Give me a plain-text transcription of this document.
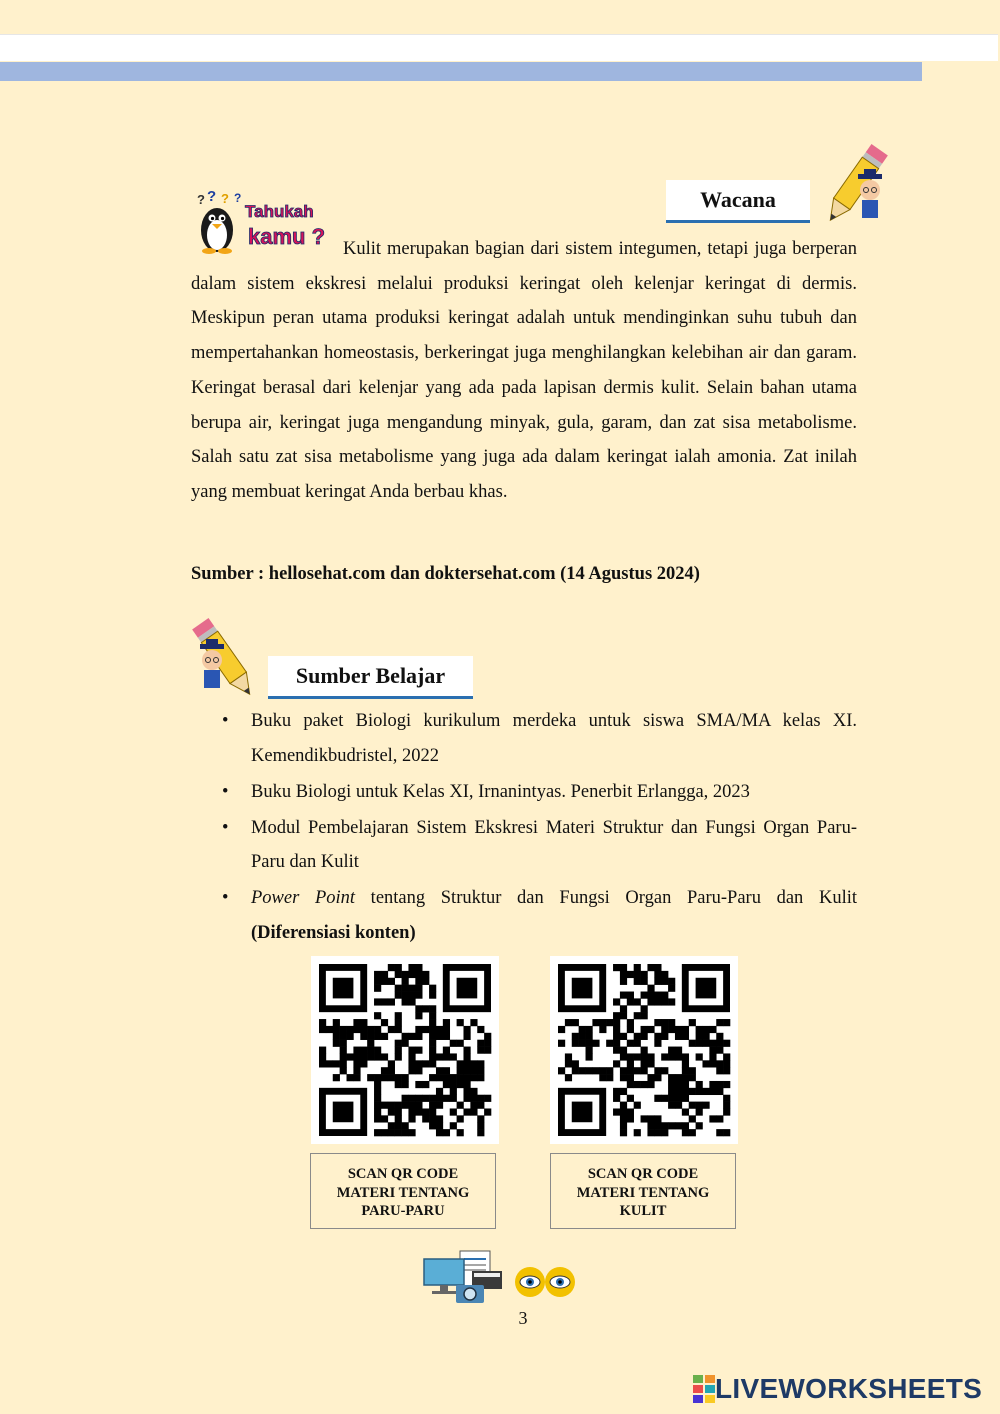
? ? ? ?
Tahukah
kamu ?
Wacana

Kulit merupakan bagian dari sistem integumen, tetapi juga berperan dalam sistem ekskresi melalui produksi keringat oleh kelenjar keringat di dermis. Meskipun peran utama produksi keringat adalah untuk mendinginkan suhu tubuh dan mempertahankan homeostasis, berkeringat juga menghilangkan kelebihan air dan garam. Keringat berasal dari kelenjar yang ada pada lapisan dermis kulit. Selain bahan utama berupa air, keringat juga mengandung minyak, gula, garam, dan zat sisa metabolisme. Salah satu zat sisa metabolisme yang juga ada dalam keringat ialah amonia. Zat inilah yang membuat keringat Anda berbau khas.

Sumber : hellosehat.com dan doktersehat.com (14 Agustus 2024)

Sumber Belajar
• Buku paket Biologi kurikulum merdeka untuk siswa SMA/MA kelas XI. Kemendikbudristel, 2022
• Buku Biologi untuk Kelas XI, Irnanintyas. Penerbit Erlangga, 2023
• Modul Pembelajaran Sistem Ekskresi Materi Struktur dan Fungsi Organ Paru-Paru dan Kulit
• Power Point tentang Struktur dan Fungsi Organ Paru-Paru dan Kulit (Diferensiasi konten)
SCAN QR CODE
MATERI TENTANG
PARU-PARU
SCAN QR CODE
MATERI TENTANG
KULIT
3
LIVEWORKSHEETS
